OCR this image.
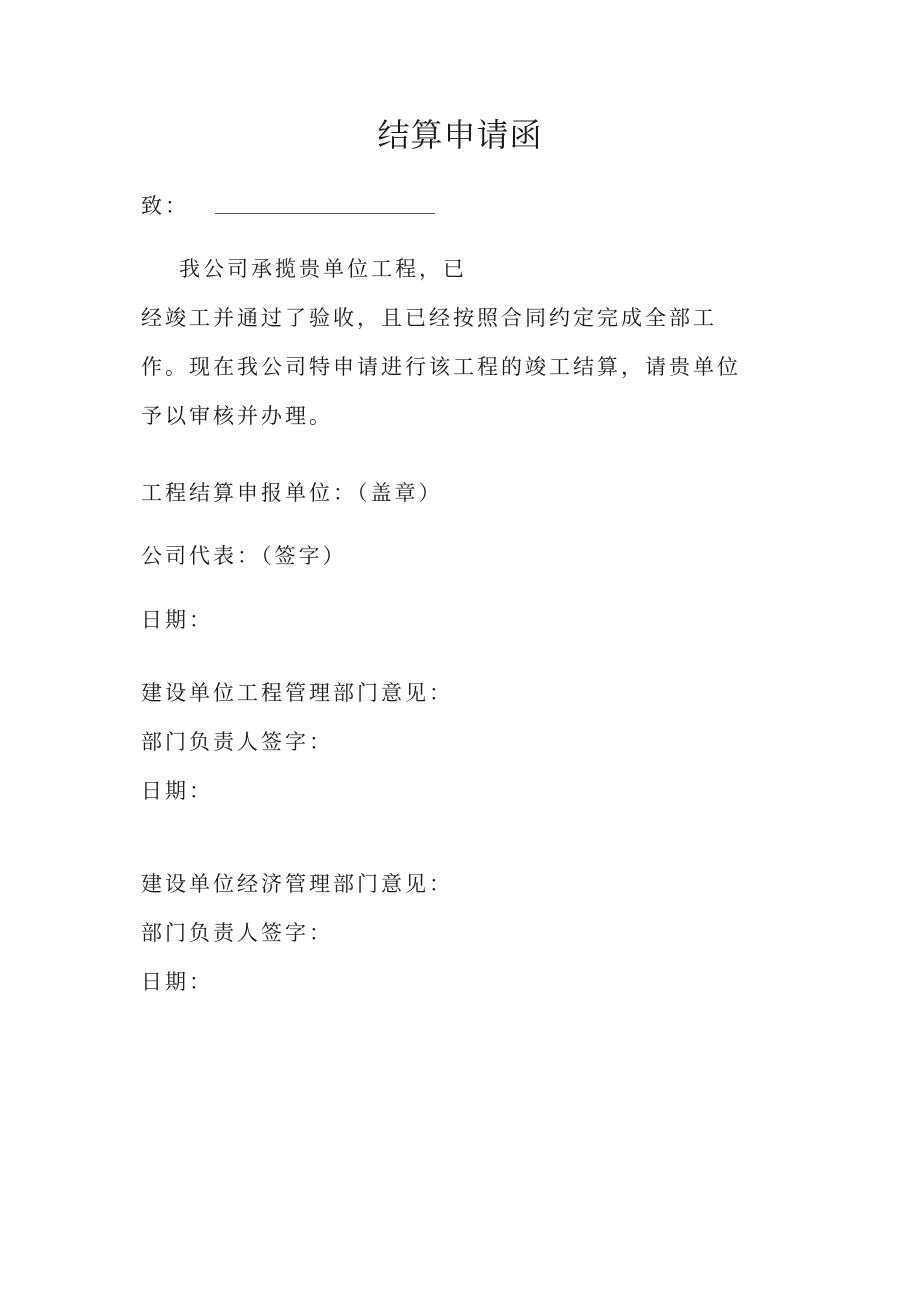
结算申请函
致：
我公司承揽贵单位工程，已
经竣工并通过了验收，且已经按照合同约定完成全部工
作。现在我公司特申请进行该工程的竣工结算，请贵单位
予以审核并办理。
工程结算申报单位：（盖章）
公司代表：（签字）
日期：
建设单位工程管理部门意见：
部门负责人签字：
日期：
建设单位经济管理部门意见：
部门负责人签字：
日期：
